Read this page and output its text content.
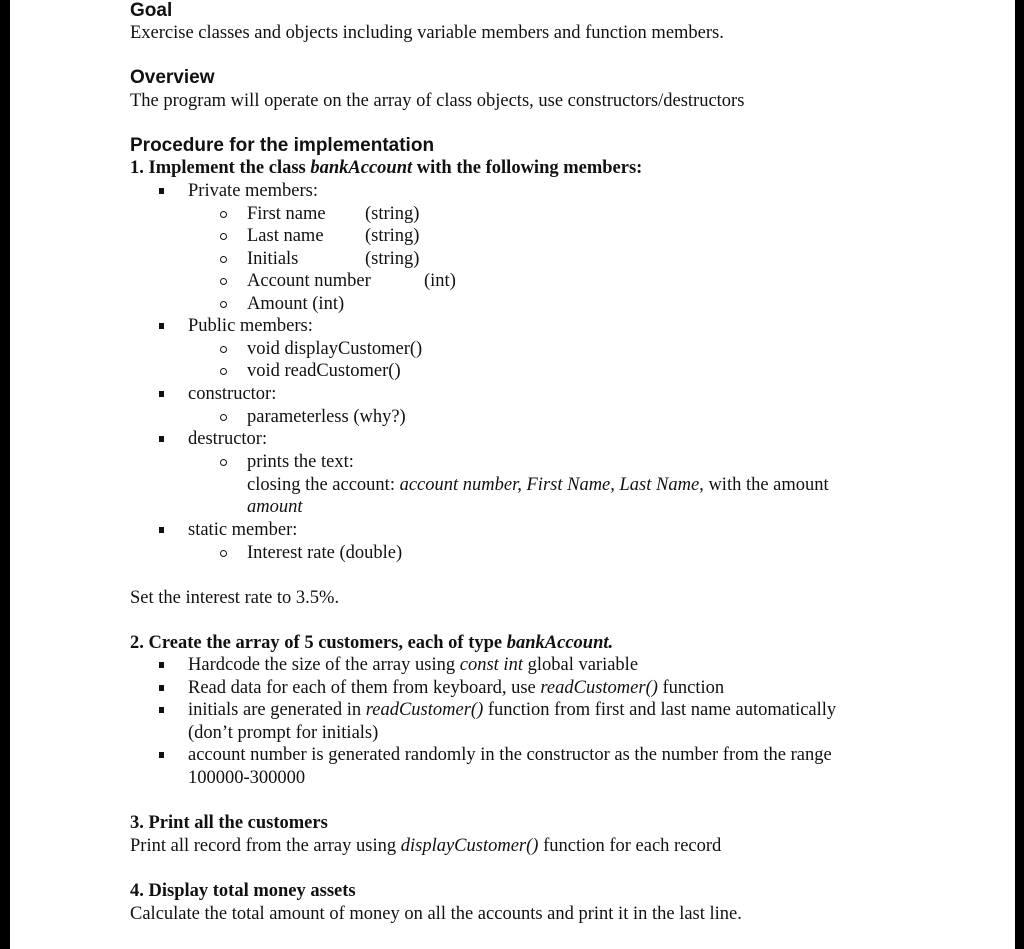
Goal
Exercise classes and objects including variable members and function members.
Overview
The program will operate on the array of class objects, use constructors/destructors
Procedure for the implementation
1. Implement the class bankAccount with the following members:
Private members:
First name (string)
Last name (string)
Initials	(string)
Account number	(int)
Amount (int)
Public members:
void displayCustomer()
void readCustomer()
constructor:
parameterless (why?)
destructor:
prints the text:
closing the account: account number, First Name, Last Name, with the amount
amount
static member:
Interest rate (double)
Set the interest rate to 3.5%.
2. Create the array of 5 customers, each of type bankAccount.
Hardcode the size of the array using const int global variable
Read data for each of them from keyboard, use readCustomer() function
initials are generated in readCustomer() function from first and last name automatically
(don’t prompt for initials)
account number is generated randomly in the constructor as the number from the range
100000-300000
3. Print all the customers
Print all record from the array using displayCustomer() function for each record
4. Display total money assets
Calculate the total amount of money on all the accounts and print it in the last line.
